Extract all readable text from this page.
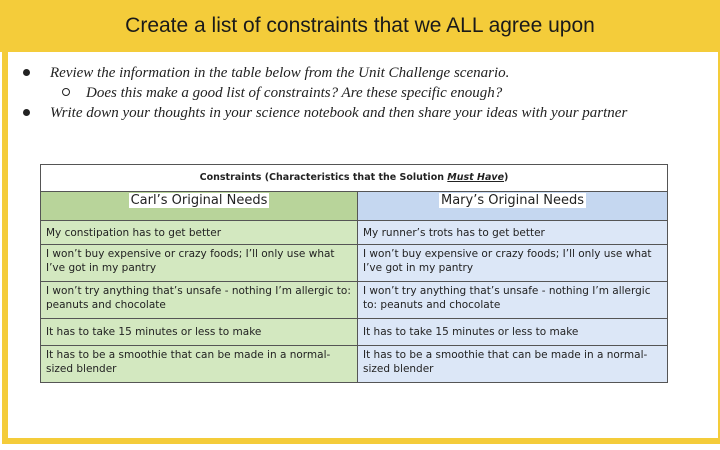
Create a list of constraints that we ALL agree upon
Review the information in the table below from the Unit Challenge scenario.
Does this make a good list of constraints? Are these specific enough?
Write down your thoughts in your science notebook and then share your ideas with your partner
Constraints (Characteristics that the Solution Must Have)	
Carl’s Original Needs	Mary’s Original Needs
My constipation has to get better	My runner’s trots has to get better
I won’t buy expensive or crazy foods; I’ll only use what I’ve got in my pantry	I won’t buy expensive or crazy foods; I’ll only use what I’ve got in my pantry
I won’t try anything that’s unsafe - nothing I’m allergic to: peanuts and chocolate	I won’t try anything that’s unsafe - nothing I’m allergic to: peanuts and chocolate
It has to take 15 minutes or less to make	It has to take 15 minutes or less to make
It has to be a smoothie that can be made in a normal-sized blender	It has to be a smoothie that can be made in a normal-sized blender
